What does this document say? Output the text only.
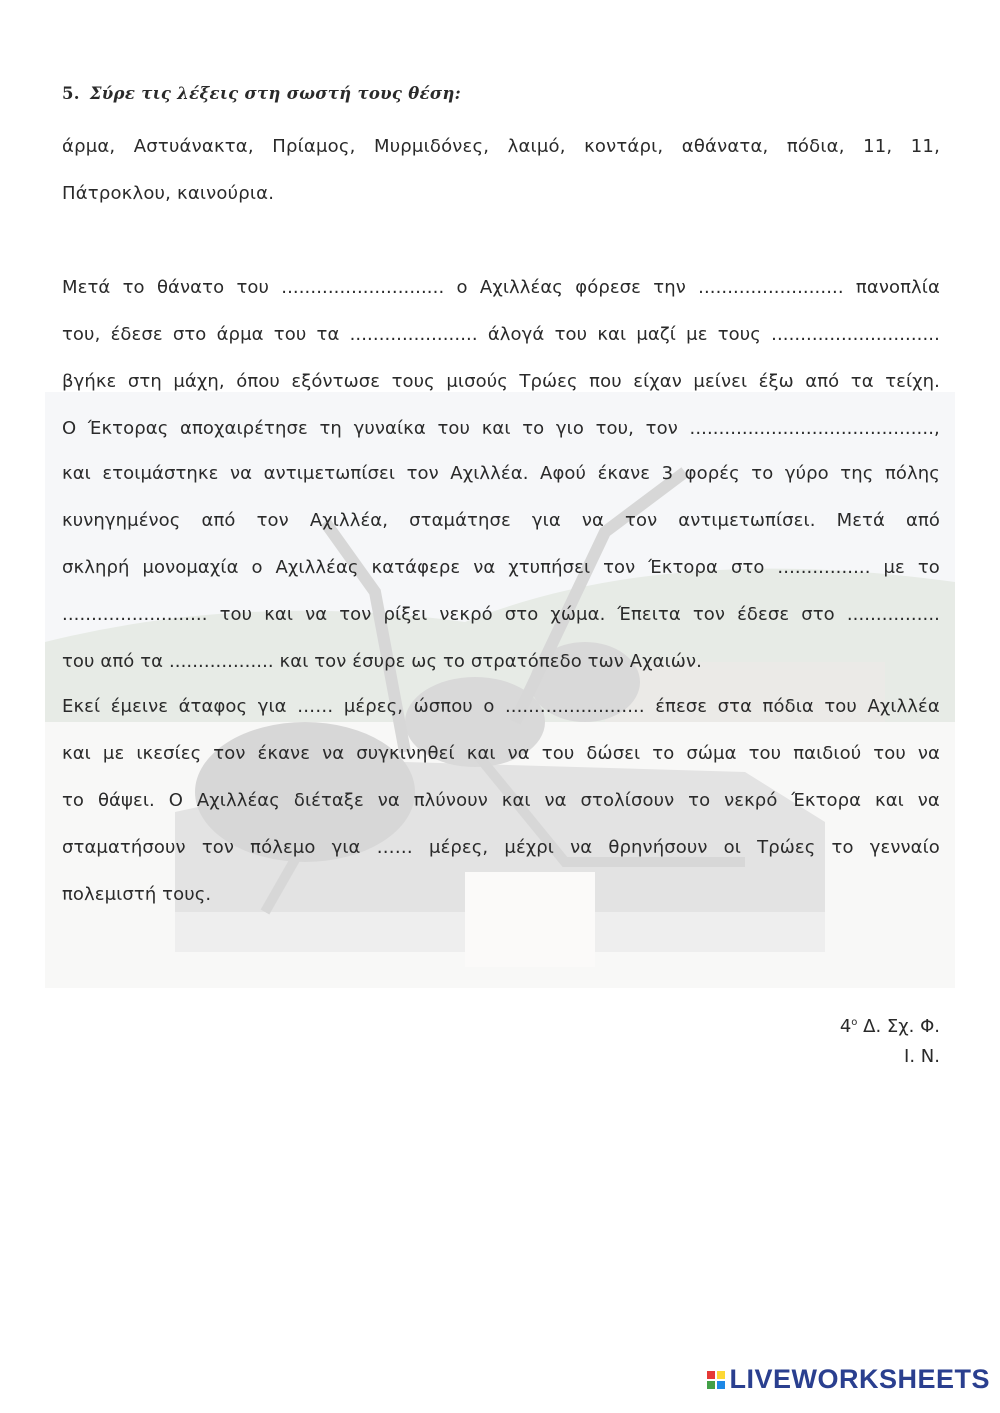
5. Σύρε τις λέξεις στη σωστή τους θέση:
άρμα, Αστυάνακτα, Πρίαμος, Μυρμιδόνες, λαιμό, κοντάρι, αθάνατα, πόδια, 11, 11, Πάτροκλου, καινούρια.
Μετά το θάνατο του ............................ ο Αχιλλέας φόρεσε την ......................... πανοπλία
του, έδεσε στο άρμα του τα ...................... άλογά του και μαζί με τους .............................
βγήκε στη μάχη, όπου εξόντωσε τους μισούς Τρώες που είχαν μείνει έξω από τα τείχη.
Ο Έκτορας αποχαιρέτησε τη γυναίκα του και το γιο του, τον ..........................................,
και ετοιμάστηκε να αντιμετωπίσει τον Αχιλλέα. Αφού έκανε 3 φορές το γύρο της πόλης
κυνηγημένος από τον Αχιλλέα, σταμάτησε για να τον αντιμετωπίσει. Μετά από
σκληρή μονομαχία ο Αχιλλέας κατάφερε να χτυπήσει τον Έκτορα στο ................ με το
......................... του και να τον ρίξει νεκρό στο χώμα. Έπειτα τον έδεσε στο ................
του από τα .................. και τον έσυρε ως το στρατόπεδο των Αχαιών.
Εκεί έμεινε άταφος για …… μέρες, ώσπου ο ........................ έπεσε στα πόδια του Αχιλλέα
και με ικεσίες τον έκανε να συγκινηθεί και να του δώσει το σώμα του παιδιού του να
το θάψει. Ο Αχιλλέας διέταξε να πλύνουν και να στολίσουν το νεκρό Έκτορα και να
σταματήσουν τον πόλεμο για …… μέρες, μέχρι να θρηνήσουν οι Τρώες το γενναίο
πολεμιστή τους.
$4^o$ Δ. Σχ. Φ.
Ι. Ν.
LIVEWORKSHEETS
